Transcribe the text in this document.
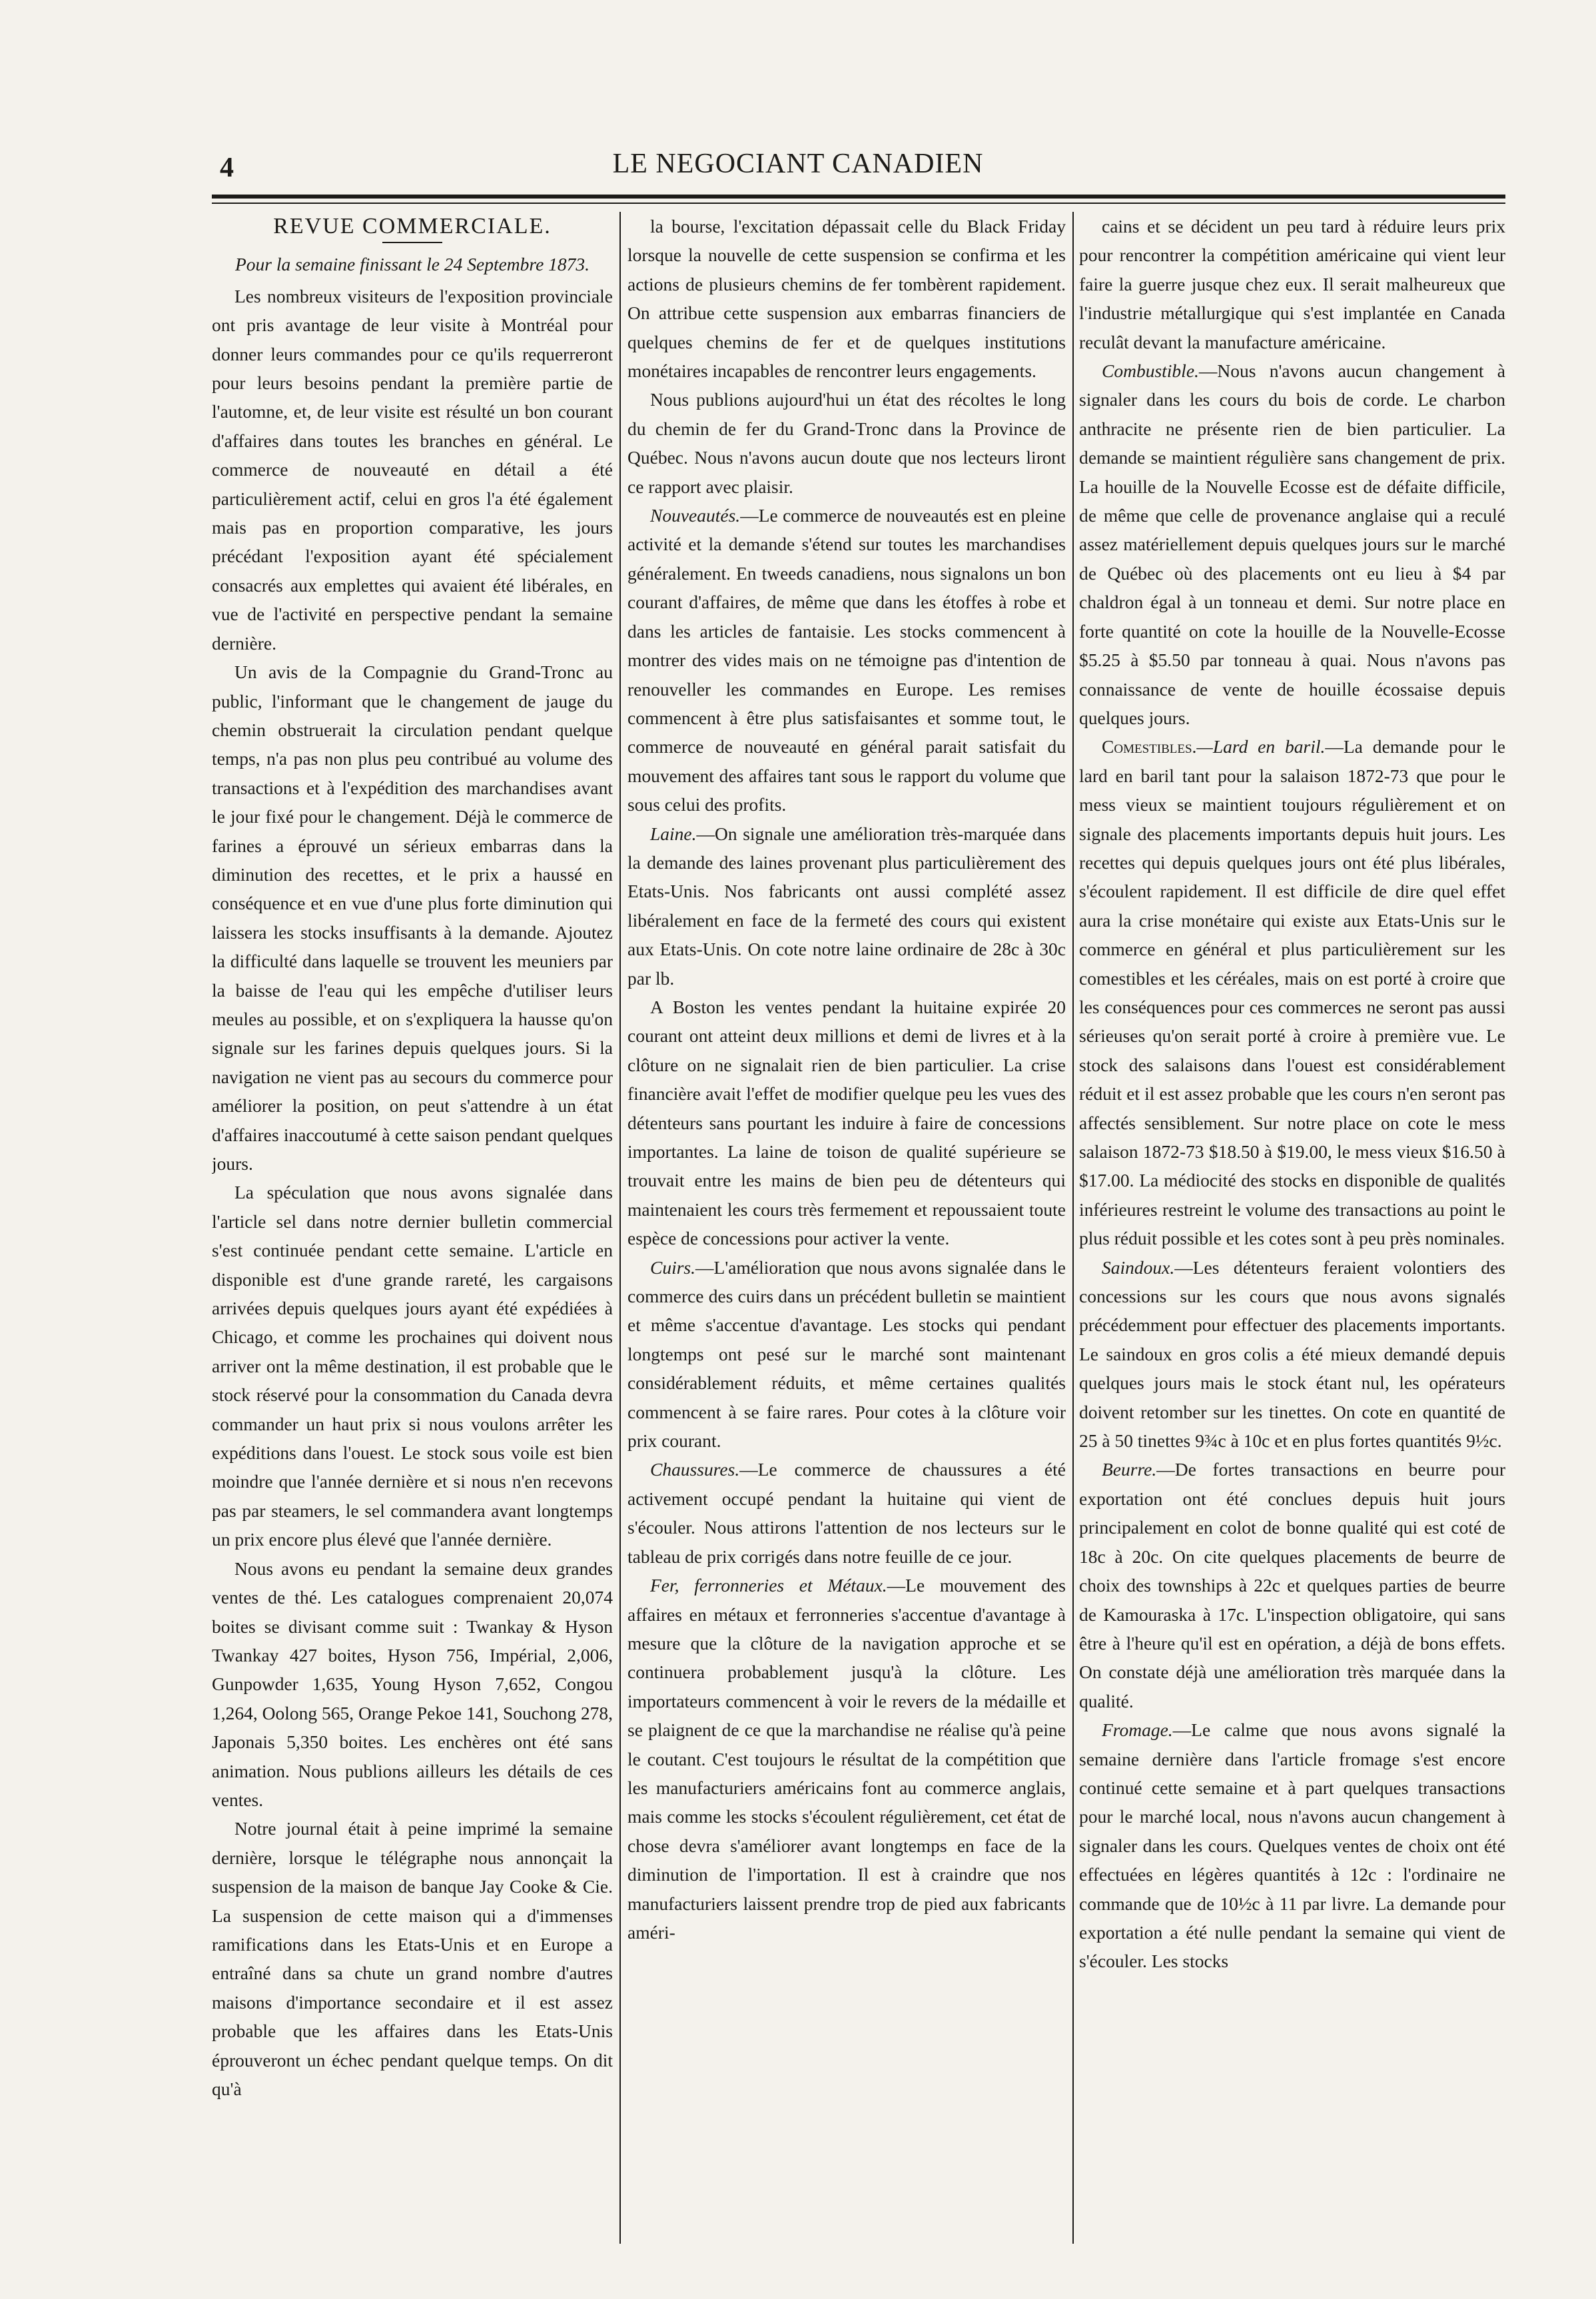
4	LE NEGOCIANT CANADIEN
REVUE COMMERCIALE.
Pour la semaine finissant le 24 Septembre 1873.

Les nombreux visiteurs de l'exposition provinciale ont pris avantage de leur visite à Montréal pour donner leurs commandes pour ce qu'ils requerreront pour leurs besoins pendant la première partie de l'automne, et, de leur visite est résulté un bon courant d'affaires dans toutes les branches en général. Le commerce de nouveauté en détail a été particulièrement actif, celui en gros l'a été également mais pas en proportion comparative, les jours précédant l'exposition ayant été spécialement consacrés aux emplettes qui avaient été libérales, en vue de l'activité en perspective pendant la semaine dernière.

Un avis de la Compagnie du Grand-Tronc au public, l'informant que le changement de jauge du chemin obstruerait la circulation pendant quelque temps, n'a pas non plus peu contribué au volume des transactions et à l'expédition des marchandises avant le jour fixé pour le changement. Déjà le commerce de farines a éprouvé un sérieux embarras dans la diminution des recettes, et le prix a haussé en conséquence et en vue d'une plus forte diminution qui laissera les stocks insuffisants à la demande. Ajoutez la difficulté dans laquelle se trouvent les meuniers par la baisse de l'eau qui les empêche d'utiliser leurs meules au possible, et on s'expliquera la hausse qu'on signale sur les farines depuis quelques jours. Si la navigation ne vient pas au secours du commerce pour améliorer la position, on peut s'attendre à un état d'affaires inaccoutumé à cette saison pendant quelques jours.

La spéculation que nous avons signalée dans l'article sel dans notre dernier bulletin commercial s'est continuée pendant cette semaine. L'article en disponible est d'une grande rareté, les cargaisons arrivées depuis quelques jours ayant été expédiées à Chicago, et comme les prochaines qui doivent nous arriver ont la même destination, il est probable que le stock réservé pour la consommation du Canada devra commander un haut prix si nous voulons arrêter les expéditions dans l'ouest. Le stock sous voile est bien moindre que l'année dernière et si nous n'en recevons pas par steamers, le sel commandera avant longtemps un prix encore plus élevé que l'année dernière.

Nous avons eu pendant la semaine deux grandes ventes de thé. Les catalogues comprenaient 20,074 boites se divisant comme suit : Twankay & Hyson Twankay 427 boites, Hyson 756, Impérial, 2,006, Gunpowder 1,635, Young Hyson 7,652, Congou 1,264, Oolong 565, Orange Pekoe 141, Souchong 278, Japonais 5,350 boites. Les enchères ont été sans animation. Nous publions ailleurs les détails de ces ventes.

Notre journal était à peine imprimé la semaine dernière, lorsque le télégraphe nous annonçait la suspension de la maison de banque Jay Cooke & Cie. La suspension de cette maison qui a d'immenses ramifications dans les Etats-Unis et en Europe a entraîné dans sa chute un grand nombre d'autres maisons d'importance secondaire et il est assez probable que les affaires dans les Etats-Unis éprouveront un échec pendant quelque temps. On dit qu'à

la bourse, l'excitation dépassait celle du Black Friday lorsque la nouvelle de cette suspension se confirma et les actions de plusieurs chemins de fer tombèrent rapidement. On attribue cette suspension aux embarras financiers de quelques chemins de fer et de quelques institutions monétaires incapables de rencontrer leurs engagements.

Nous publions aujourd'hui un état des récoltes le long du chemin de fer du Grand-Tronc dans la Province de Québec. Nous n'avons aucun doute que nos lecteurs liront ce rapport avec plaisir.

Nouveautés.—Le commerce de nouveautés est en pleine activité et la demande s'étend sur toutes les marchandises généralement. En tweeds canadiens, nous signalons un bon courant d'affaires, de même que dans les étoffes à robe et dans les articles de fantaisie. Les stocks commencent à montrer des vides mais on ne témoigne pas d'intention de renouveller les commandes en Europe. Les remises commencent à être plus satisfaisantes et somme tout, le commerce de nouveauté en général parait satisfait du mouvement des affaires tant sous le rapport du volume que sous celui des profits.

Laine.—On signale une amélioration très-marquée dans la demande des laines provenant plus particulièrement des Etats-Unis. Nos fabricants ont aussi complété assez libéralement en face de la fermeté des cours qui existent aux Etats-Unis. On cote notre laine ordinaire de 28c à 30c par lb.

A Boston les ventes pendant la huitaine expirée 20 courant ont atteint deux millions et demi de livres et à la clôture on ne signalait rien de bien particulier. La crise financière avait l'effet de modifier quelque peu les vues des détenteurs sans pourtant les induire à faire de concessions importantes. La laine de toison de qualité supérieure se trouvait entre les mains de bien peu de détenteurs qui maintenaient les cours très fermement et repoussaient toute espèce de concessions pour activer la vente.

Cuirs.—L'amélioration que nous avons signalée dans le commerce des cuirs dans un précédent bulletin se maintient et même s'accentue d'avantage. Les stocks qui pendant longtemps ont pesé sur le marché sont maintenant considérablement réduits, et même certaines qualités commencent à se faire rares. Pour cotes à la clôture voir prix courant.

Chaussures.—Le commerce de chaussures a été activement occupé pendant la huitaine qui vient de s'écouler. Nous attirons l'attention de nos lecteurs sur le tableau de prix corrigés dans notre feuille de ce jour.

Fer, ferronneries et Métaux.—Le mouvement des affaires en métaux et ferronneries s'accentue d'avantage à mesure que la clôture de la navigation approche et se continuera probablement jusqu'à la clôture. Les importateurs commencent à voir le revers de la médaille et se plaignent de ce que la marchandise ne réalise qu'à peine le coutant. C'est toujours le résultat de la compétition que les manufacturiers américains font au commerce anglais, mais comme les stocks s'écoulent régulièrement, cet état de chose devra s'améliorer avant longtemps en face de la diminution de l'importation. Il est à craindre que nos manufacturiers laissent prendre trop de pied aux fabricants améri-

cains et se décident un peu tard à réduire leurs prix pour rencontrer la compétition américaine qui vient leur faire la guerre jusque chez eux. Il serait malheureux que l'industrie métallurgique qui s'est implantée en Canada reculât devant la manufacture américaine.

Combustible.—Nous n'avons aucun changement à signaler dans les cours du bois de corde. Le charbon anthracite ne présente rien de bien particulier. La demande se maintient régulière sans changement de prix. La houille de la Nouvelle Ecosse est de défaite difficile, de même que celle de provenance anglaise qui a reculé assez matériellement depuis quelques jours sur le marché de Québec où des placements ont eu lieu à $4 par chaldron égal à un tonneau et demi. Sur notre place en forte quantité on cote la houille de la Nouvelle-Ecosse $5.25 à $5.50 par tonneau à quai. Nous n'avons pas connaissance de vente de houille écossaise depuis quelques jours.

Comestibles.—Lard en baril.—La demande pour le lard en baril tant pour la salaison 1872-73 que pour le mess vieux se maintient toujours régulièrement et on signale des placements importants depuis huit jours. Les recettes qui depuis quelques jours ont été plus libérales, s'écoulent rapidement. Il est difficile de dire quel effet aura la crise monétaire qui existe aux Etats-Unis sur le commerce en général et plus particulièrement sur les comestibles et les céréales, mais on est porté à croire que les conséquences pour ces commerces ne seront pas aussi sérieuses qu'on serait porté à croire à première vue. Le stock des salaisons dans l'ouest est considérablement réduit et il est assez probable que les cours n'en seront pas affectés sensiblement. Sur notre place on cote le mess salaison 1872-73 $18.50 à $19.00, le mess vieux $16.50 à $17.00. La médiocité des stocks en disponible de qualités inférieures restreint le volume des transactions au point le plus réduit possible et les cotes sont à peu près nominales.

Saindoux.—Les détenteurs feraient volontiers des concessions sur les cours que nous avons signalés précédemment pour effectuer des placements importants. Le saindoux en gros colis a été mieux demandé depuis quelques jours mais le stock étant nul, les opérateurs doivent retomber sur les tinettes. On cote en quantité de 25 à 50 tinettes 9¾c à 10c et en plus fortes quantités 9½c.

Beurre.—De fortes transactions en beurre pour exportation ont été conclues depuis huit jours principalement en colot de bonne qualité qui est coté de 18c à 20c. On cite quelques placements de beurre de choix des townships à 22c et quelques parties de beurre de Kamouraska à 17c. L'inspection obligatoire, qui sans être à l'heure qu'il est en opération, a déjà de bons effets. On constate déjà une amélioration très marquée dans la qualité.

Fromage.—Le calme que nous avons signalé la semaine dernière dans l'article fromage s'est encore continué cette semaine et à part quelques transactions pour le marché local, nous n'avons aucun changement à signaler dans les cours. Quelques ventes de choix ont été effectuées en légères quantités à 12c : l'ordinaire ne commande que de 10½c à 11 par livre. La demande pour exportation a été nulle pendant la semaine qui vient de s'écouler. Les stocks
